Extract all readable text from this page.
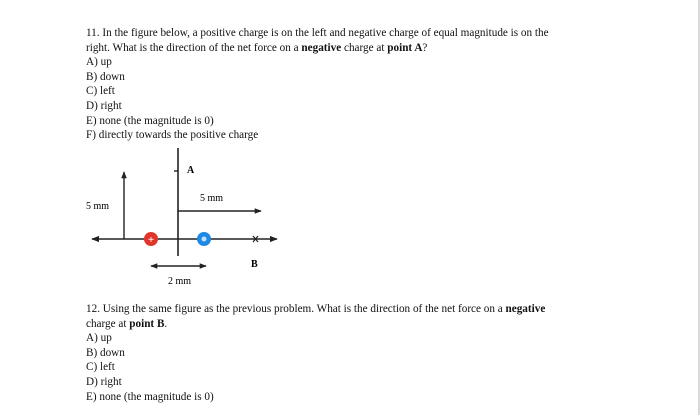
11. In the figure below, a positive charge is on the left and negative charge of equal magnitude is on the
right. What is the direction of the net force on a negative charge at point A?
A) up
B) down
C) left
D) right
E) none (the magnitude is 0)
F) directly towards the positive charge
A
5 mm
5 mm
+
B
2 mm
12. Using the same figure as the previous problem. What is the direction of the net force on a negative
charge at point B.
A) up
B) down
C) left
D) right
E) none (the magnitude is 0)
